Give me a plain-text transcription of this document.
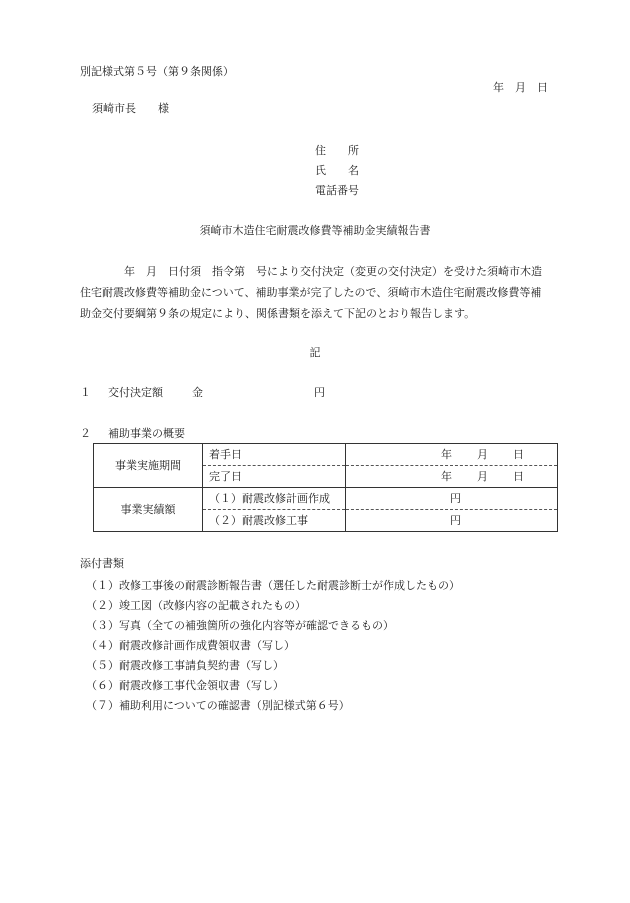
別記様式第５号（第９条関係）
年　月　日
須崎市長　　様
住　　所
氏　　名
電話番号
須崎市木造住宅耐震改修費等補助金実績報告書
　　　　年　月　日付須　指令第　号により交付決定（変更の交付決定）を受けた須崎市木造
住宅耐震改修費等補助金について、補助事業が完了したので、須崎市木造住宅耐震改修費等補
助金交付要綱第９条の規定により、関係書類を添えて下記のとおり報告します。
記
１ 交付決定額	金	円
２ 補助事業の概要
事業実施期間	着手日	年 月 日
	完了日	年 月 日
事業実績額	（１）耐震改修計画作成	円
	（２）耐震改修工事	円
添付書類
（１）改修工事後の耐震診断報告書（選任した耐震診断士が作成したもの）
（２）竣工図（改修内容の記載されたもの）
（３）写真（全ての補強箇所の強化内容等が確認できるもの）
（４）耐震改修計画作成費領収書（写し）
（５）耐震改修工事請負契約書（写し）
（６）耐震改修工事代金領収書（写し）
（７）補助利用についての確認書（別記様式第６号）
